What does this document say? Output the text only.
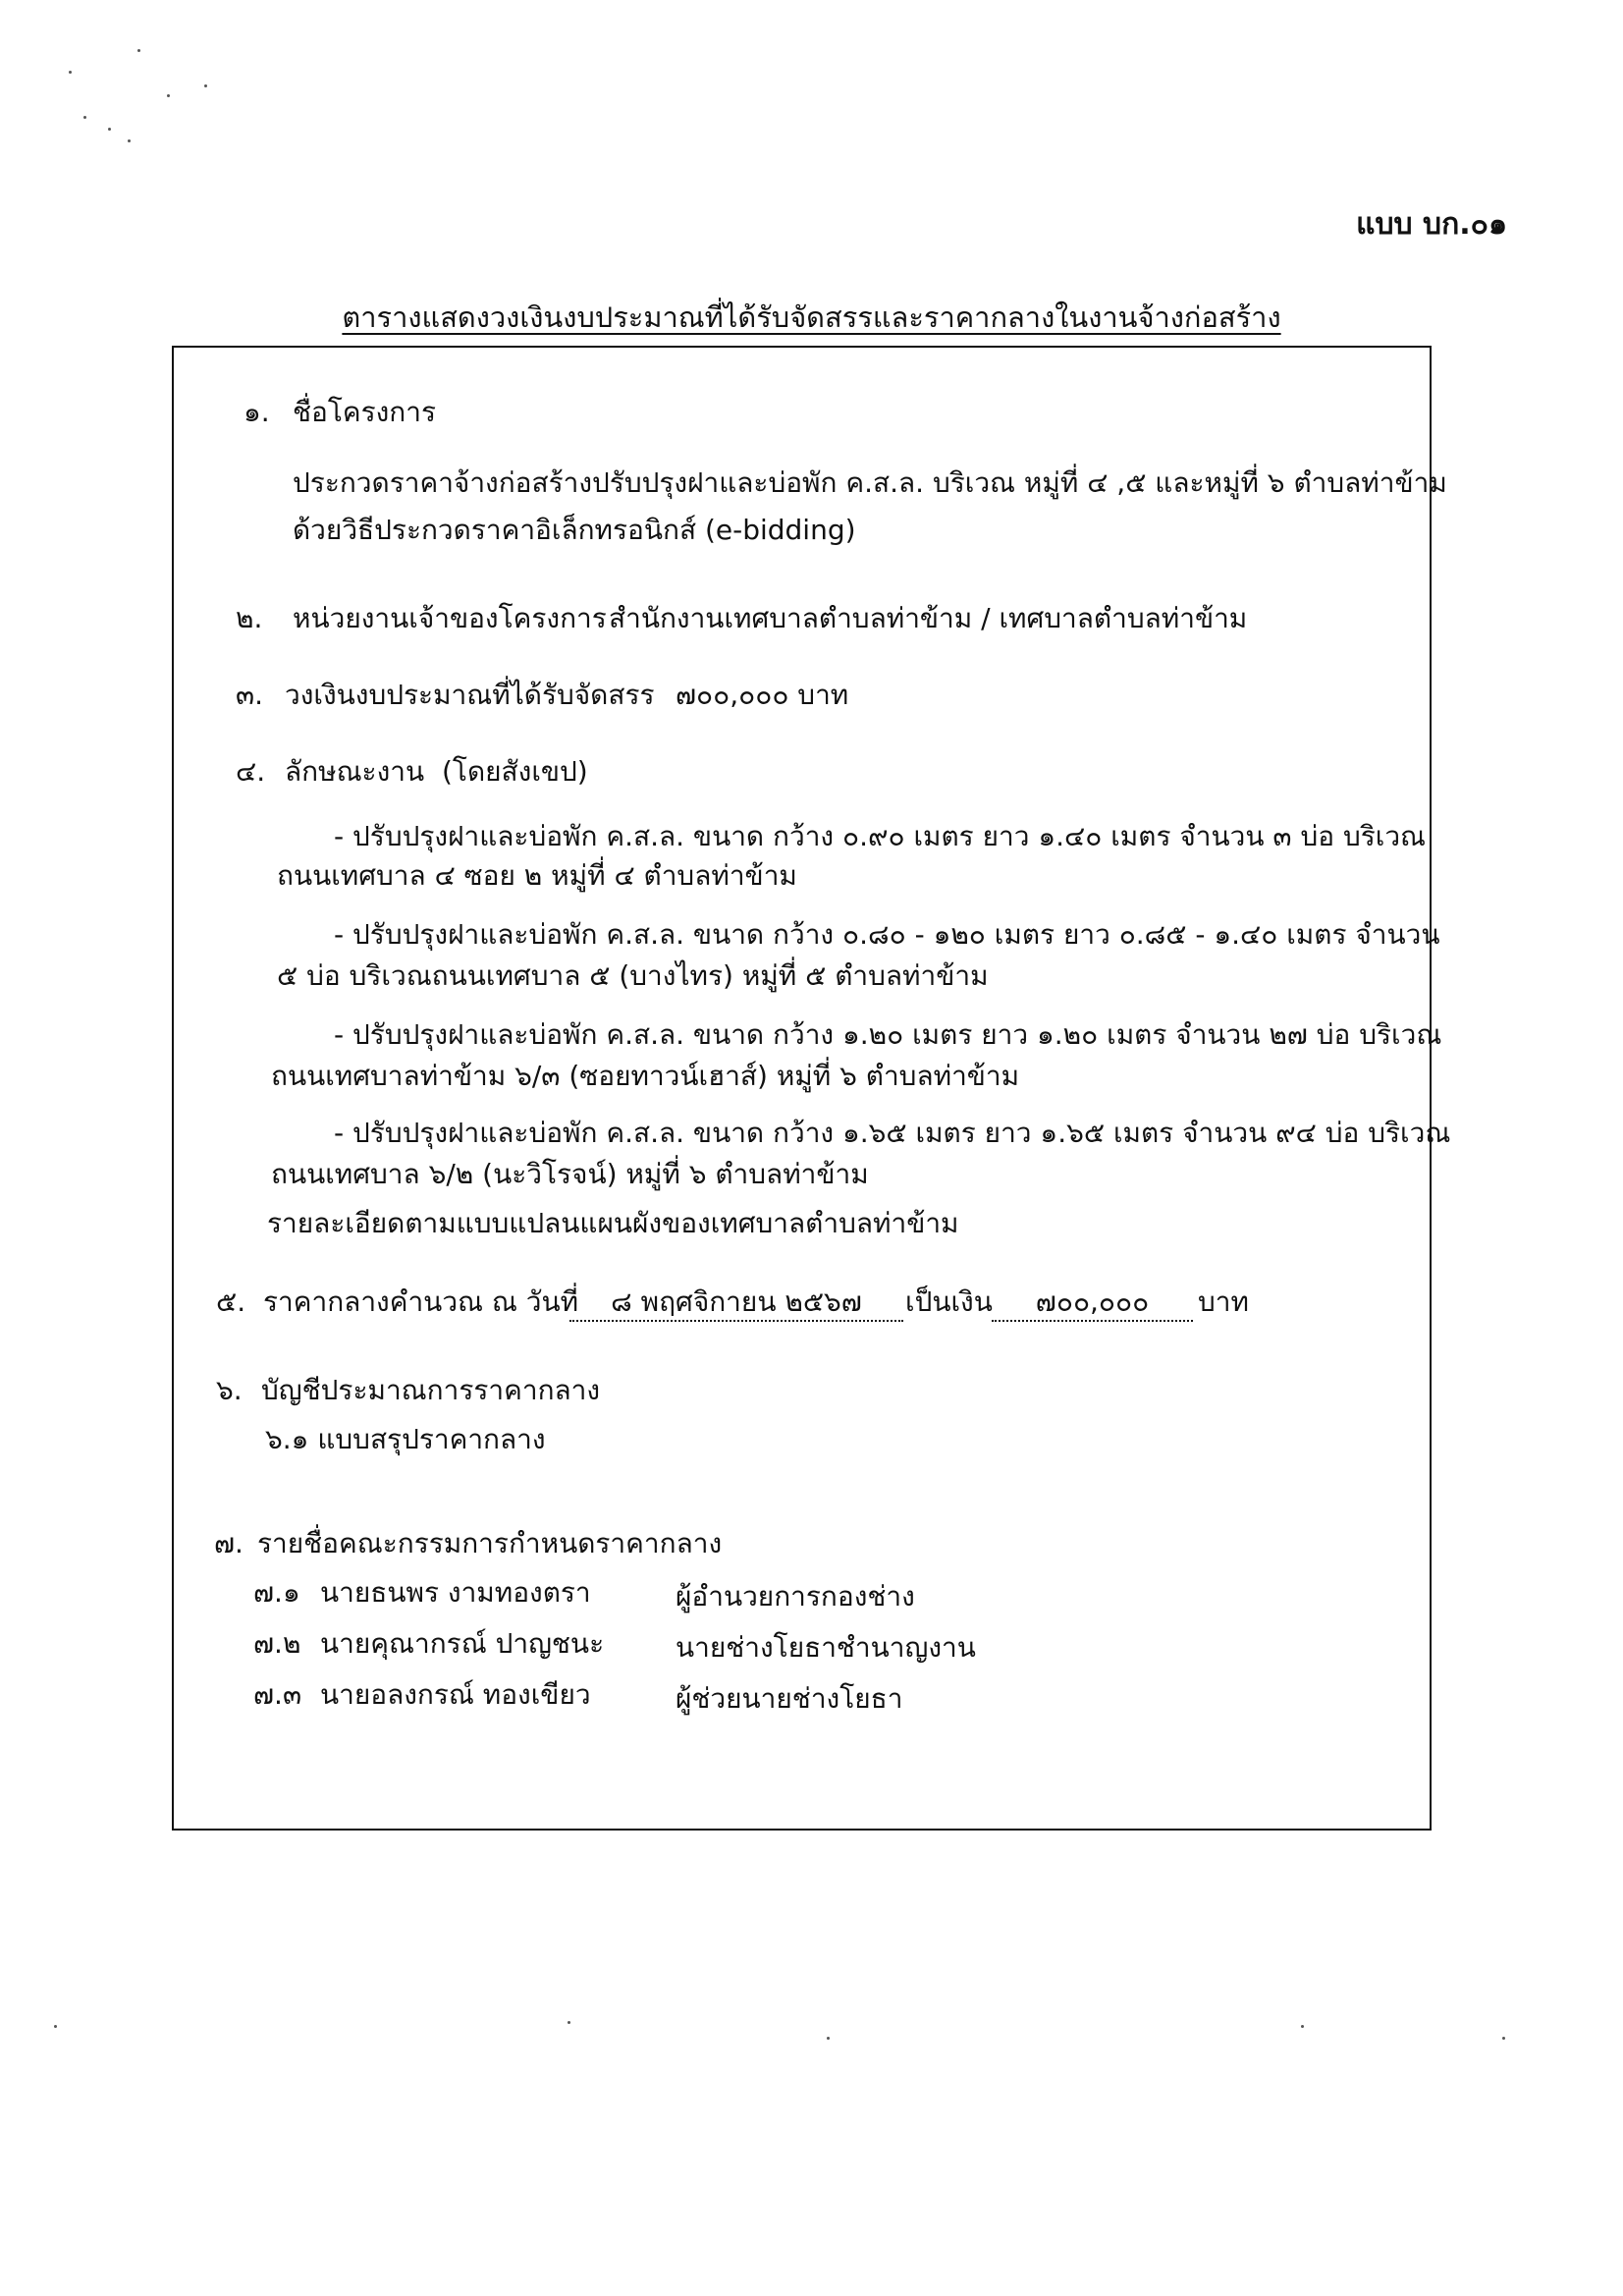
แบบ บก.๐๑
ตารางแสดงวงเงินงบประมาณที่ได้รับจัดสรรและราคากลางในงานจ้างก่อสร้าง
๑. ชื่อโครงการ
ประกวดราคาจ้างก่อสร้างปรับปรุงฝาและบ่อพัก ค.ส.ล. บริเวณ หมู่ที่ ๔ ,๕ และหมู่ที่ ๖ ตำบลท่าข้าม
ด้วยวิธีประกวดราคาอิเล็กทรอนิกส์ (e-bidding)
๒. หน่วยงานเจ้าของโครงการ สำนักงานเทศบาลตำบลท่าข้าม / เทศบาลตำบลท่าข้าม
๓. วงเงินงบประมาณที่ได้รับจัดสรร ๗๐๐,๐๐๐ บาท
๔. ลักษณะงาน (โดยสังเขป)
- ปรับปรุงฝาและบ่อพัก ค.ส.ล. ขนาด กว้าง ๐.๙๐ เมตร ยาว ๑.๔๐ เมตร จำนวน ๓ บ่อ บริเวณ
ถนนเทศบาล ๔ ซอย ๒ หมู่ที่ ๔ ตำบลท่าข้าม
- ปรับปรุงฝาและบ่อพัก ค.ส.ล. ขนาด กว้าง ๐.๘๐ - ๑๒๐ เมตร ยาว ๐.๘๕ - ๑.๔๐ เมตร จำนวน
๕ บ่อ บริเวณถนนเทศบาล ๕ (บางไทร) หมู่ที่ ๕ ตำบลท่าข้าม
- ปรับปรุงฝาและบ่อพัก ค.ส.ล. ขนาด กว้าง ๑.๒๐ เมตร ยาว ๑.๒๐ เมตร จำนวน ๒๗ บ่อ บริเวณ
ถนนเทศบาลท่าข้าม ๖/๓ (ซอยทาวน์เฮาส์) หมู่ที่ ๖ ตำบลท่าข้าม
- ปรับปรุงฝาและบ่อพัก ค.ส.ล. ขนาด กว้าง ๑.๖๕ เมตร ยาว ๑.๖๕ เมตร จำนวน ๙๔ บ่อ บริเวณ
ถนนเทศบาล ๖/๒ (นะวิโรจน์) หมู่ที่ ๖ ตำบลท่าข้าม
รายละเอียดตามแบบแปลนแผนผังของเทศบาลตำบลท่าข้าม
๕. ราคากลางคำนวณ ณ วันที่	๘ พฤศจิกายน ๒๕๖๗	เป็นเงิน	๗๐๐,๐๐๐	บาท
๖. บัญชีประมาณการราคากลาง
๖.๑ แบบสรุปราคากลาง
๗. รายชื่อคณะกรรมการกำหนดราคากลาง
๗.๑ นายธนพร งามทองตรา	ผู้อำนวยการกองช่าง
๗.๒ นายคุณากรณ์ ปาญชนะ	นายช่างโยธาชำนาญงาน
๗.๓ นายอลงกรณ์ ทองเขียว	ผู้ช่วยนายช่างโยธา
